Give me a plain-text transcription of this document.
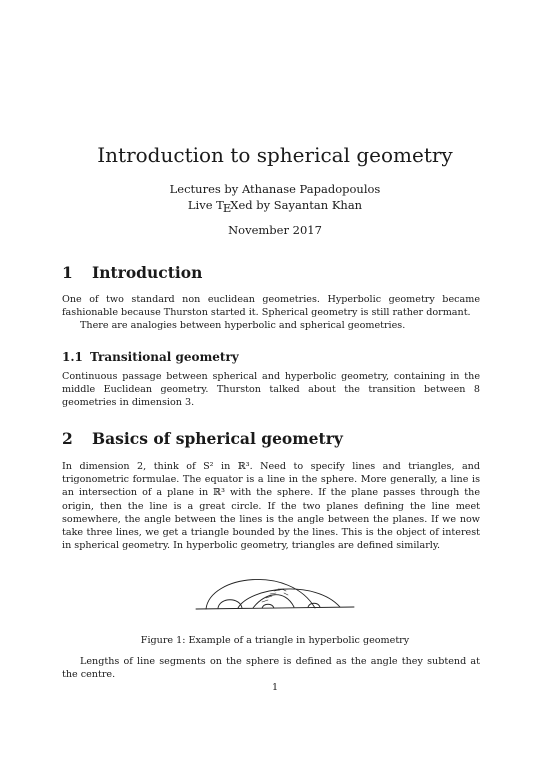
Introduction to spherical geometry
Lectures by Athanase Papadopoulos
Live TEXed by Sayantan Khan
November 2017
1 Introduction

One of two standard non euclidean geometries. Hyperbolic geometry became fashionable because Thurston started it. Spherical geometry is still rather dormant.

There are analogies between hyperbolic and spherical geometries.

1.1 Transitional geometry

Continuous passage between spherical and hyperbolic geometry, containing in the middle Euclidean geometry. Thurston talked about the transition between 8 geometries in dimension 3.

2 Basics of spherical geometry

In dimension 2, think of S² in ℝ³. Need to specify lines and triangles, and trigonometric formulae. The equator is a line in the sphere. More generally, a line is an intersection of a plane in ℝ³ with the sphere. If the plane passes through the origin, then the line is a great circle. If the two planes defining the line meet somewhere, the angle between the lines is the angle between the planes. If we now take three lines, we get a triangle bounded by the lines. This is the object of interest in spherical geometry. In hyperbolic geometry, triangles are defined similarly.

Figure 1: Example of a triangle in hyperbolic geometry

Lengths of line segments on the sphere is defined as the angle they subtend at the centre.

1
